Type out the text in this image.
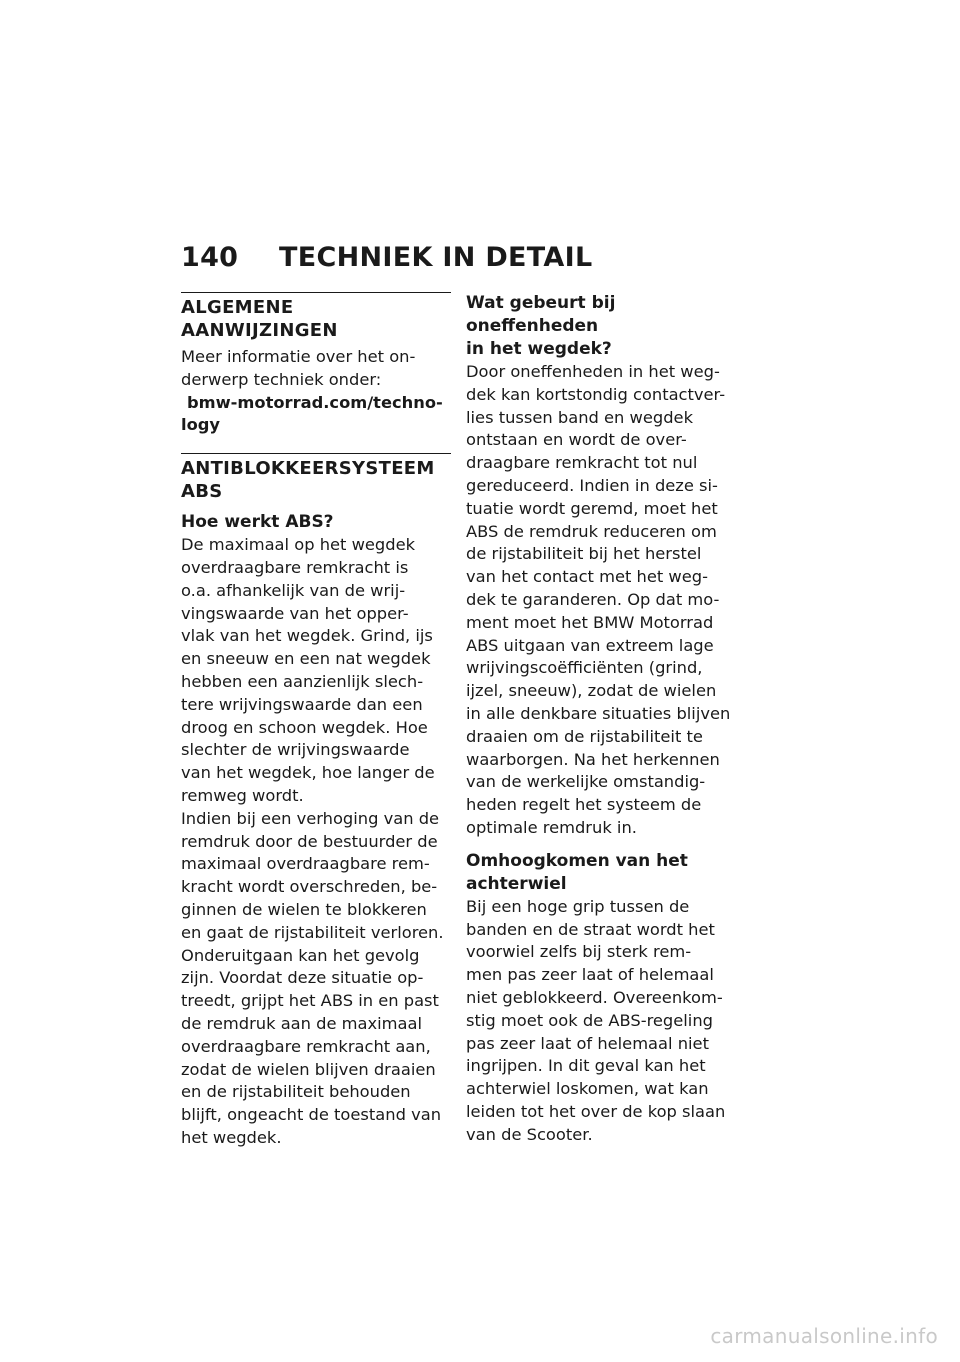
140 TECHNIEK IN DETAIL
ALGEMENE AANWIJZINGEN

Meer informatie over het on-
derwerp techniek onder:

bmw-motorrad.com/techno-

logy

ANTIBLOKKEERSYSTEEM
ABS
Hoe werkt ABS?

De maximaal op het wegdek
overdraagbare remkracht is
o.a. afhankelijk van de wrij-
vingswaarde van het opper-
vlak van het wegdek. Grind, ijs
en sneeuw en een nat wegdek
hebben een aanzienlijk slech-
tere wrijvingswaarde dan een
droog en schoon wegdek. Hoe
slechter de wrijvingswaarde
van het wegdek, hoe langer de
remweg wordt.

Indien bij een verhoging van de
remdruk door de bestuurder de
maximaal overdraagbare rem-
kracht wordt overschreden, be-
ginnen de wielen te blokkeren
en gaat de rijstabiliteit verloren.
Onderuitgaan kan het gevolg
zijn. Voordat deze situatie op-
treedt, grijpt het ABS in en past
de remdruk aan de maximaal
overdraagbare remkracht aan,
zodat de wielen blijven draaien
en de rijstabiliteit behouden
blijft, ongeacht de toestand van
het wegdek.

Wat gebeurt bij oneffenheden
in het wegdek?

Door oneffenheden in het weg-
dek kan kortstondig contactver-
lies tussen band en wegdek
ontstaan en wordt de over-
draagbare remkracht tot nul
gereduceerd. Indien in deze si-
tuatie wordt geremd, moet het
ABS de remdruk reduceren om
de rijstabiliteit bij het herstel
van het contact met het weg-
dek te garanderen. Op dat mo-
ment moet het BMW Motorrad
ABS uitgaan van extreem lage
wrijvingscoëfficiënten (grind,
ijzel, sneeuw), zodat de wielen
in alle denkbare situaties blijven
draaien om de rijstabiliteit te
waarborgen. Na het herkennen
van de werkelijke omstandig-
heden regelt het systeem de
optimale remdruk in.

Omhoogkomen van het
achterwiel

Bij een hoge grip tussen de
banden en de straat wordt het
voorwiel zelfs bij sterk rem-
men pas zeer laat of helemaal
niet geblokkeerd. Overeenkom-
stig moet ook de ABS-regeling
pas zeer laat of helemaal niet
ingrijpen. In dit geval kan het
achterwiel loskomen, wat kan
leiden tot het over de kop slaan
van de Scooter.

carmanualsonline.info
